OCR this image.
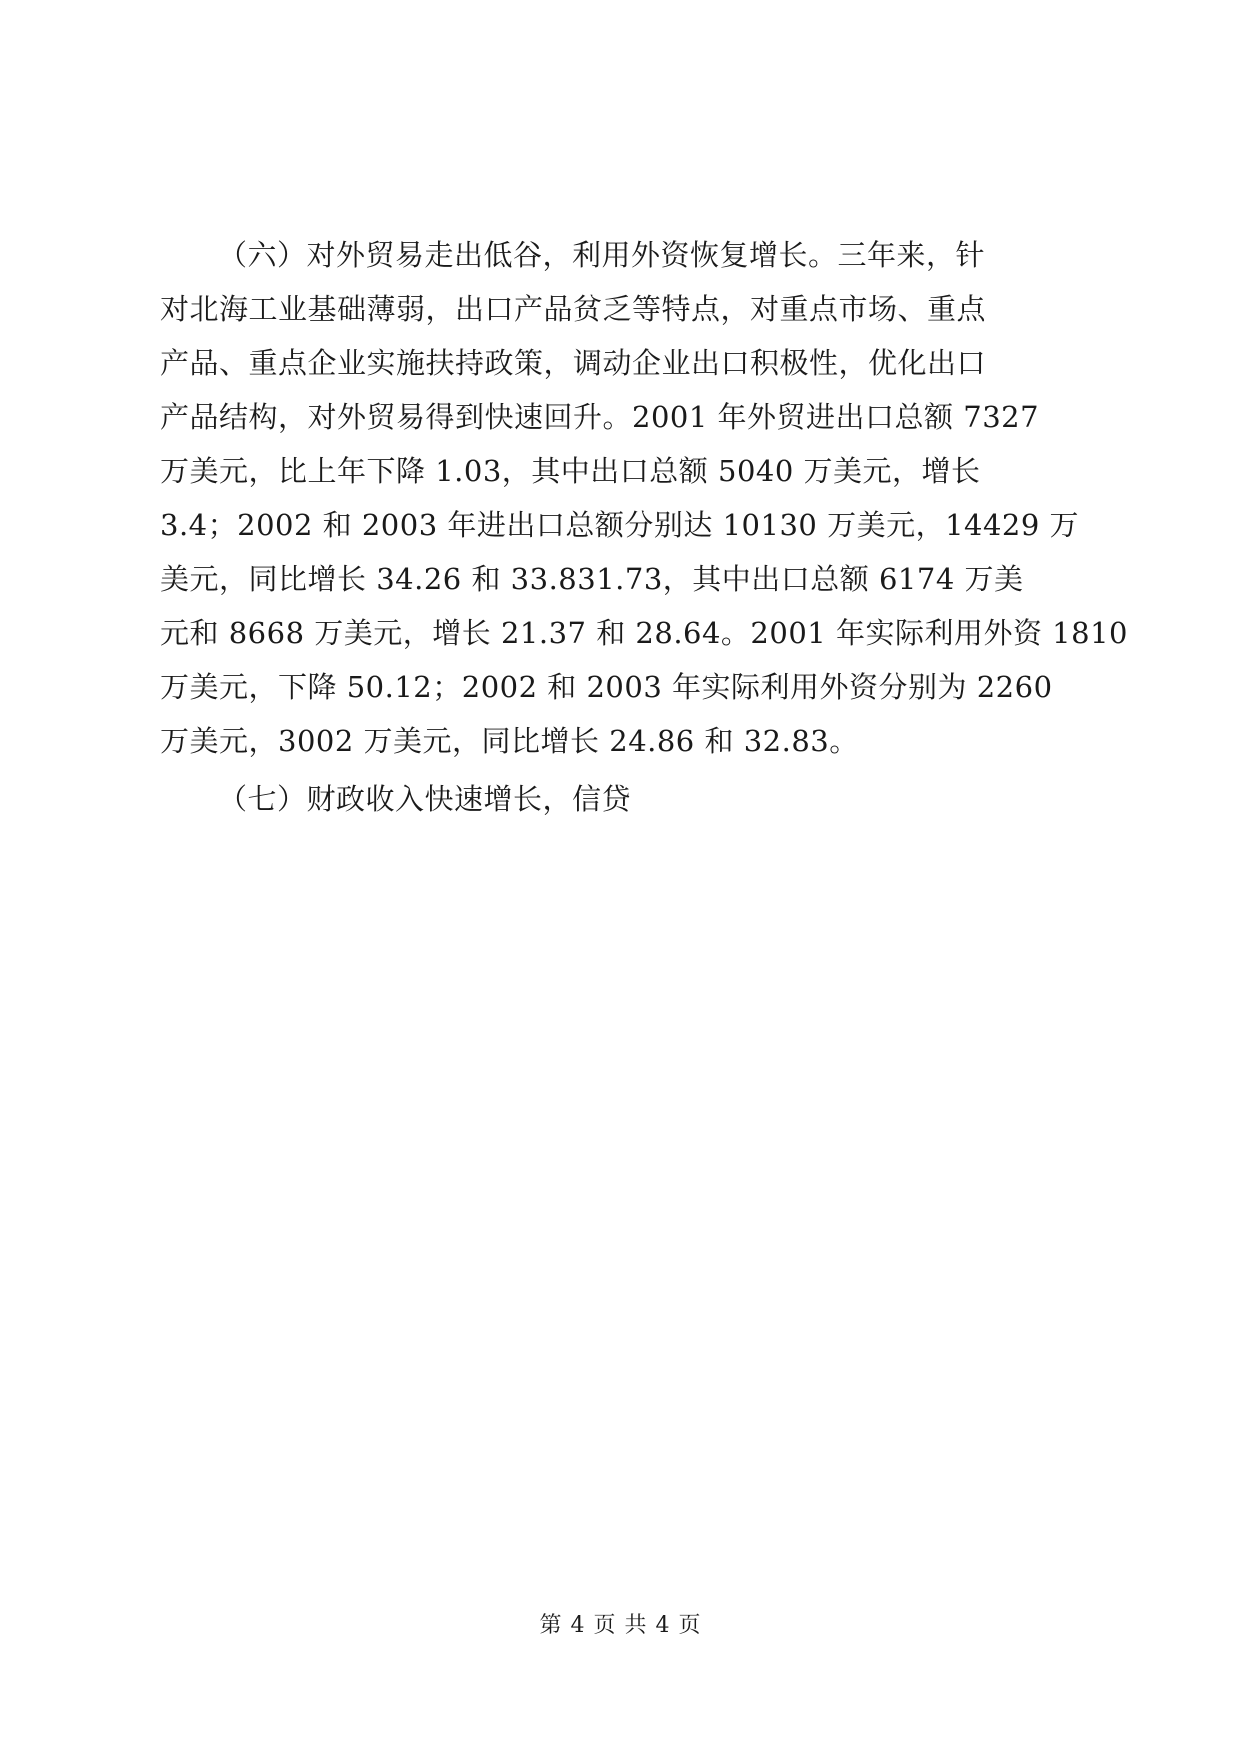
（六）对外贸易走出低谷，利用外资恢复增长。三年来，针
对北海工业基础薄弱，出口产品贫乏等特点，对重点市场、重点
产品、重点企业实施扶持政策，调动企业出口积极性，优化出口
产品结构，对外贸易得到快速回升。2001 年外贸进出口总额 7327
万美元，比上年下降 1.03，其中出口总额 5040 万美元，增长
3.4；2002 和 2003 年进出口总额分别达 10130 万美元，14429 万
美元，同比增长 34.26 和 33.831.73，其中出口总额 6174 万美
元和 8668 万美元，增长 21.37 和 28.64。2001 年实际利用外资 1810
万美元，下降 50.12；2002 和 2003 年实际利用外资分别为 2260
万美元，3002 万美元，同比增长 24.86 和 32.83。
（七）财政收入快速增长，信贷
第 4 页 共 4 页
